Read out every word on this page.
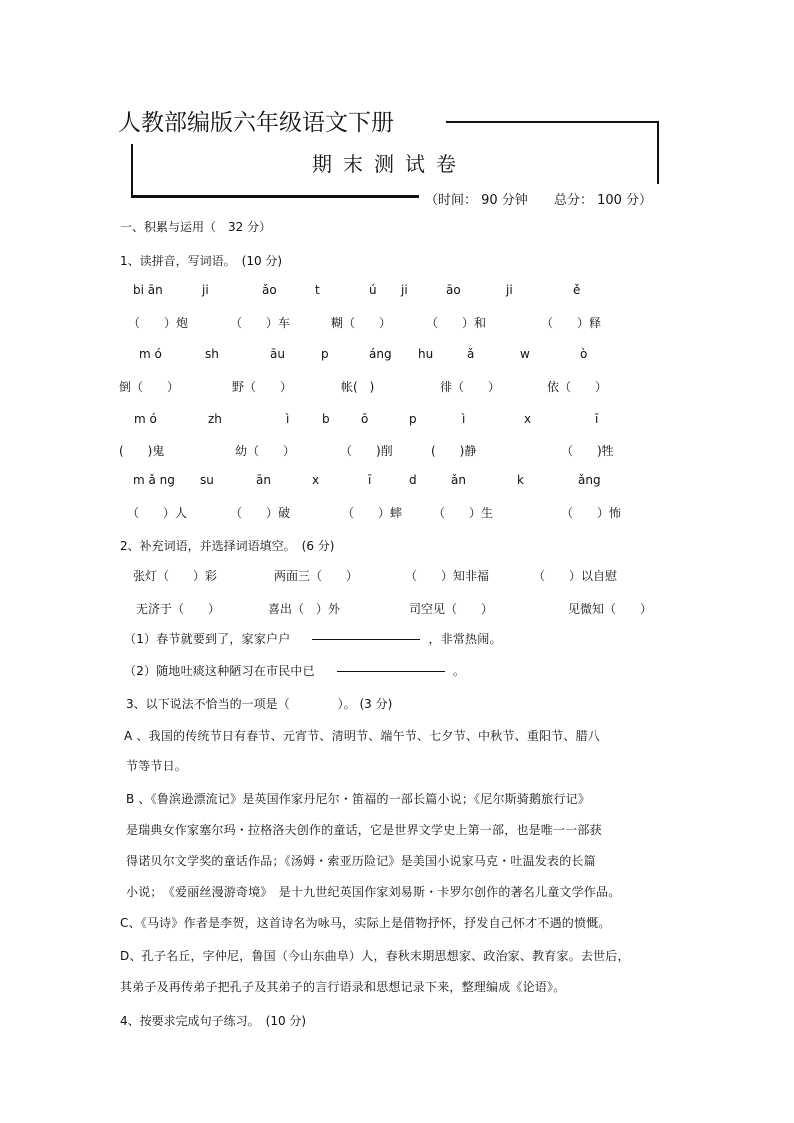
人教部编版六年级语文下册
期末测试卷
（时间： 90 分钟 总分： 100 分）
一、积累与运用（　32 分）
1、读拼音，写词语。　(10 分)
bi ān	ji	ǎo	t	ú ji	āo	ji	ě
（　　）炮	（　　）车	糊（　　）	（　　）和	（　　）释
m ó	sh	āu	p	áng hu	ǎ	w	ò
倒（　　）	野（　　）	帐(　)	徘（　　）	依（　　）
m ó	zh	ì	b	ō	p	ì	x	ī
(　　)鬼	幼（　　）	（　　)削	(　　)静	（　　)牲
m ǎ ng su	ān	x	ī	d	ǎn	k	ǎng
（　　）人	（　　）破	（　　）蟀	（　　）生	（　　）怖
2、补充词语，并选择词语填空。　(6 分)
张灯（　　）彩	两面三（　　）	（　　）知非福	（　　）以自慰
无济于（　　）	喜出（　）外	司空见（　　）	见微知（　　）
（1）春节就要到了，家家户户	，非常热闹。
（2）随地吐痰这种陋习在市民中已	。
3、以下说法不恰当的一项是（　　　　）。 (3 分)
A 、我国的传统节日有春节、元宵节、清明节、端午节、七夕节、中秋节、重阳节、腊八
节等节日。
B 、《鲁滨逊漂流记》是英国作家丹尼尔・笛福的一部长篇小说；《尼尔斯骑鹅旅行记》
是瑞典女作家塞尔玛・拉格洛夫创作的童话，它是世界文学史上第一部，也是唯一一部获
得诺贝尔文学奖的童话作品；《汤姆・索亚历险记》是美国小说家马克・吐温发表的长篇
小说；　《爱丽丝漫游奇境》　是十九世纪英国作家刘易斯・卡罗尔创作的著名儿童文学作品。
C、《马诗》作者是李贺，这首诗名为咏马，实际上是借物抒怀，抒发自己怀才不遇的愤慨。
D、孔子名丘，字仲尼，鲁国（今山东曲阜）人，春秋末期思想家、政治家、教育家。去世后，
其弟子及再传弟子把孔子及其弟子的言行语录和思想记录下来，整理编成《论语》。
4、按要求完成句子练习。　(10 分)
